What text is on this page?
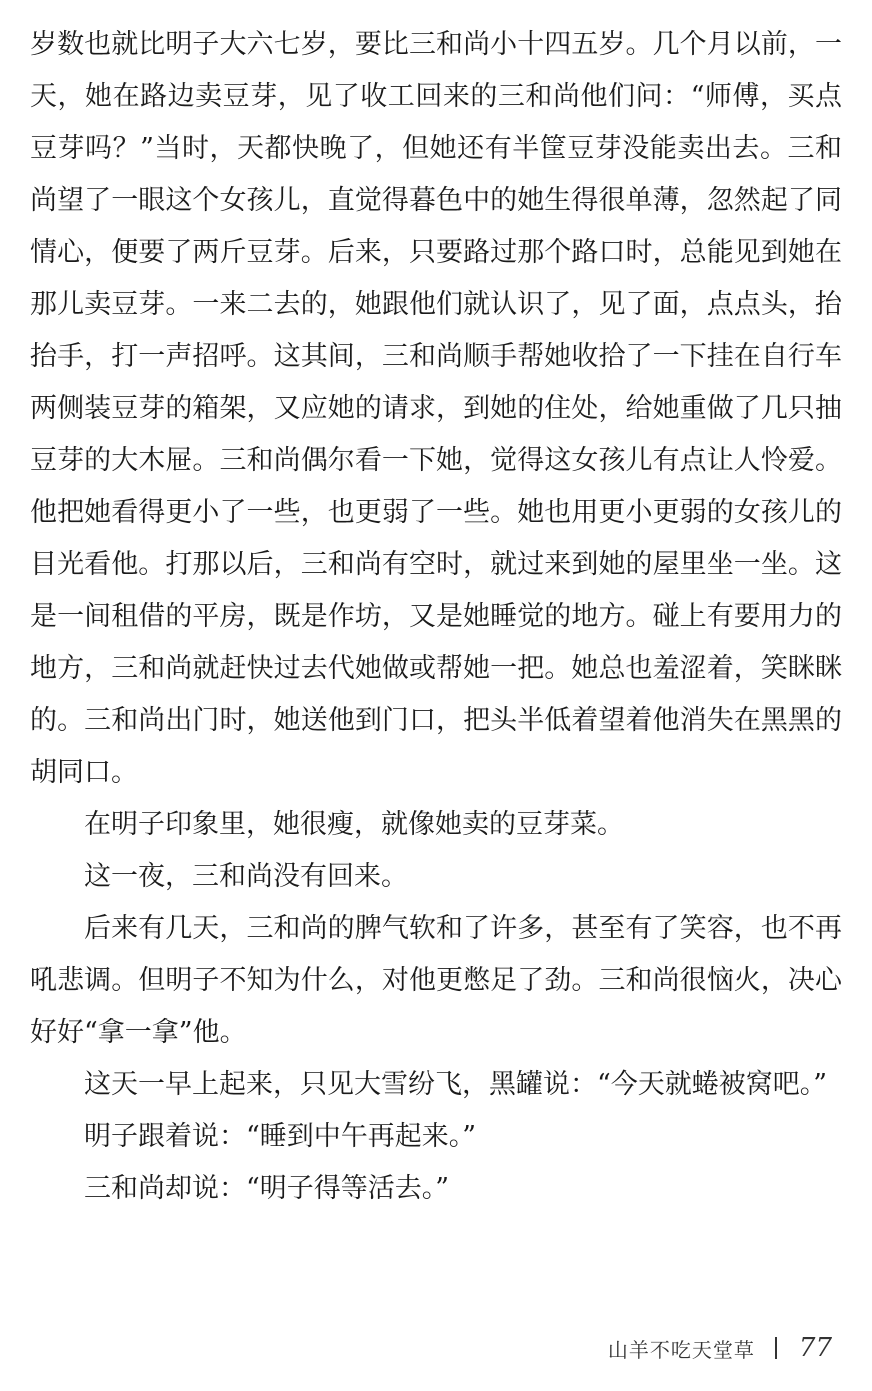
岁数也就比明子大六七岁，要比三和尚小十四五岁。几个月以前，一天，她在路边卖豆芽，见了收工回来的三和尚他们问：“师傅，买点豆芽吗？”当时，天都快晚了，但她还有半筐豆芽没能卖出去。三和尚望了一眼这个女孩儿，直觉得暮色中的她生得很单薄，忽然起了同情心，便要了两斤豆芽。后来，只要路过那个路口时，总能见到她在那儿卖豆芽。一来二去的，她跟他们就认识了，见了面，点点头，抬抬手，打一声招呼。这其间，三和尚顺手帮她收拾了一下挂在自行车两侧装豆芽的箱架，又应她的请求，到她的住处，给她重做了几只抽豆芽的大木屉。三和尚偶尔看一下她，觉得这女孩儿有点让人怜爱。他把她看得更小了一些，也更弱了一些。她也用更小更弱的女孩儿的目光看他。打那以后，三和尚有空时，就过来到她的屋里坐一坐。这是一间租借的平房，既是作坊，又是她睡觉的地方。碰上有要用力的地方，三和尚就赶快过去代她做或帮她一把。她总也羞涩着，笑眯眯的。三和尚出门时，她送他到门口，把头半低着望着他消失在黑黑的胡同口。

在明子印象里，她很瘦，就像她卖的豆芽菜。

这一夜，三和尚没有回来。

后来有几天，三和尚的脾气软和了许多，甚至有了笑容，也不再吼悲调。但明子不知为什么，对他更憋足了劲。三和尚很恼火，决心好好“拿一拿”他。

这天一早上起来，只见大雪纷飞，黑罐说：“今天就蜷被窝吧。”

明子跟着说：“睡到中午再起来。”

三和尚却说：“明子得等活去。”

山羊不吃天堂草 77
